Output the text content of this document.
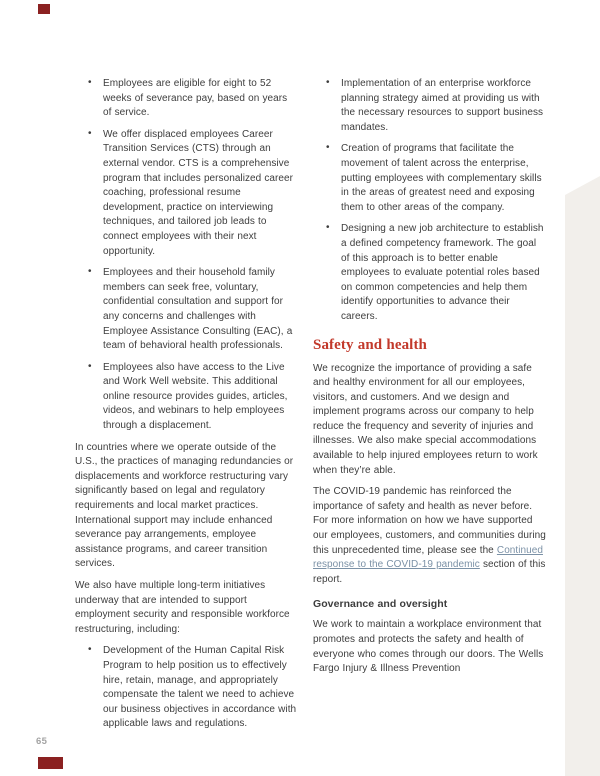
• Employees are eligible for eight to 52 weeks of severance pay, based on years of service.
• We offer displaced employees Career Transition Services (CTS) through an external vendor. CTS is a comprehensive program that includes personalized career coaching, professional resume development, practice on interviewing techniques, and tailored job leads to connect employees with their next opportunity.
• Employees and their household family members can seek free, voluntary, confidential consultation and support for any concerns and challenges with Employee Assistance Consulting (EAC), a team of behavioral health professionals.
• Employees also have access to the Live and Work Well website. This additional online resource provides guides, articles, videos, and webinars to help employees through a displacement.

In countries where we operate outside of the U.S., the practices of managing redundancies or displacements and workforce restructuring vary significantly based on legal and regulatory requirements and local market practices. International support may include enhanced severance pay arrangements, employee assistance programs, and career transition services.

We also have multiple long-term initiatives underway that are intended to support employment security and responsible workforce restructuring, including:

• Development of the Human Capital Risk Program to help position us to effectively hire, retain, manage, and appropriately compensate the talent we need to achieve our business objectives in accordance with applicable laws and regulations.
• Implementation of an enterprise workforce planning strategy aimed at providing us with the necessary resources to support business mandates.
• Creation of programs that facilitate the movement of talent across the enterprise, putting employees with complementary skills in the areas of greatest need and exposing them to other areas of the company.
• Designing a new job architecture to establish a defined competency framework. The goal of this approach is to better enable employees to evaluate potential roles based on common competencies and help them identify opportunities to advance their careers.
Safety and health

We recognize the importance of providing a safe and healthy environment for all our employees, visitors, and customers. And we design and implement programs across our company to help reduce the frequency and severity of injuries and illnesses. We also make special accommodations available to help injured employees return to work when they’re able.

The COVID-19 pandemic has reinforced the importance of safety and health as never before. For more information on how we have supported our employees, customers, and communities during this unprecedented time, please see the Continued response to the COVID-19 pandemic section of this report.

Governance and oversight

We work to maintain a workplace environment that promotes and protects the safety and health of everyone who comes through our doors. The Wells Fargo Injury & Illness Prevention

65
